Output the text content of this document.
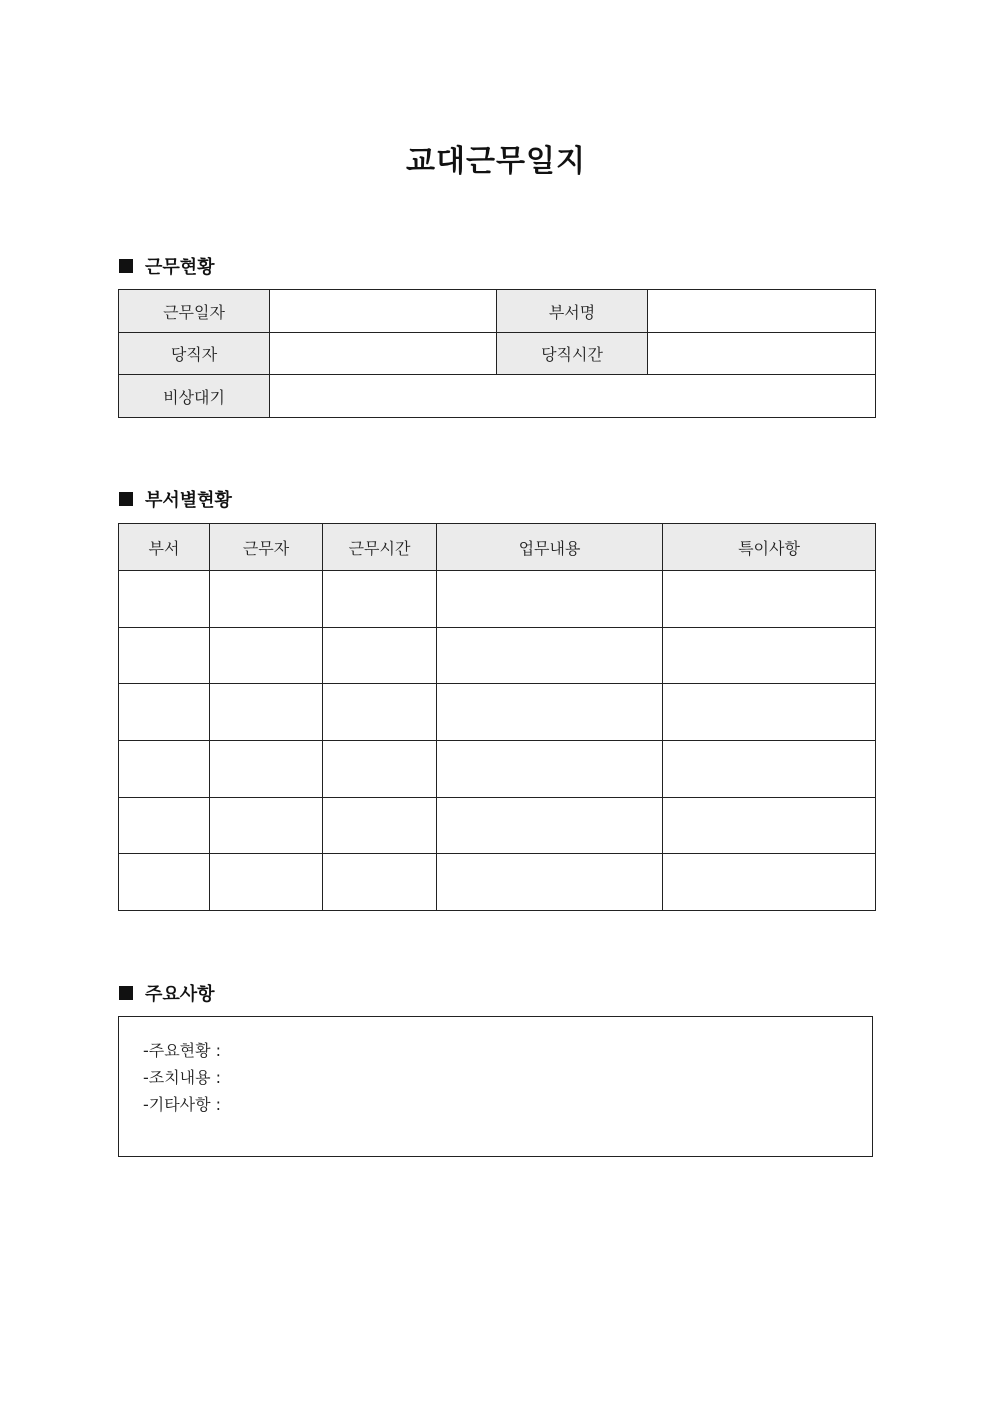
교대근무일지
근무현황
근무일자		부서명	
당직자		당직시간	
비상대기			
부서별현황
부서	근무자	근무시간	업무내용	특이사항

주요사항
-주요현황 :
-조치내용 :
-기타사항 :
